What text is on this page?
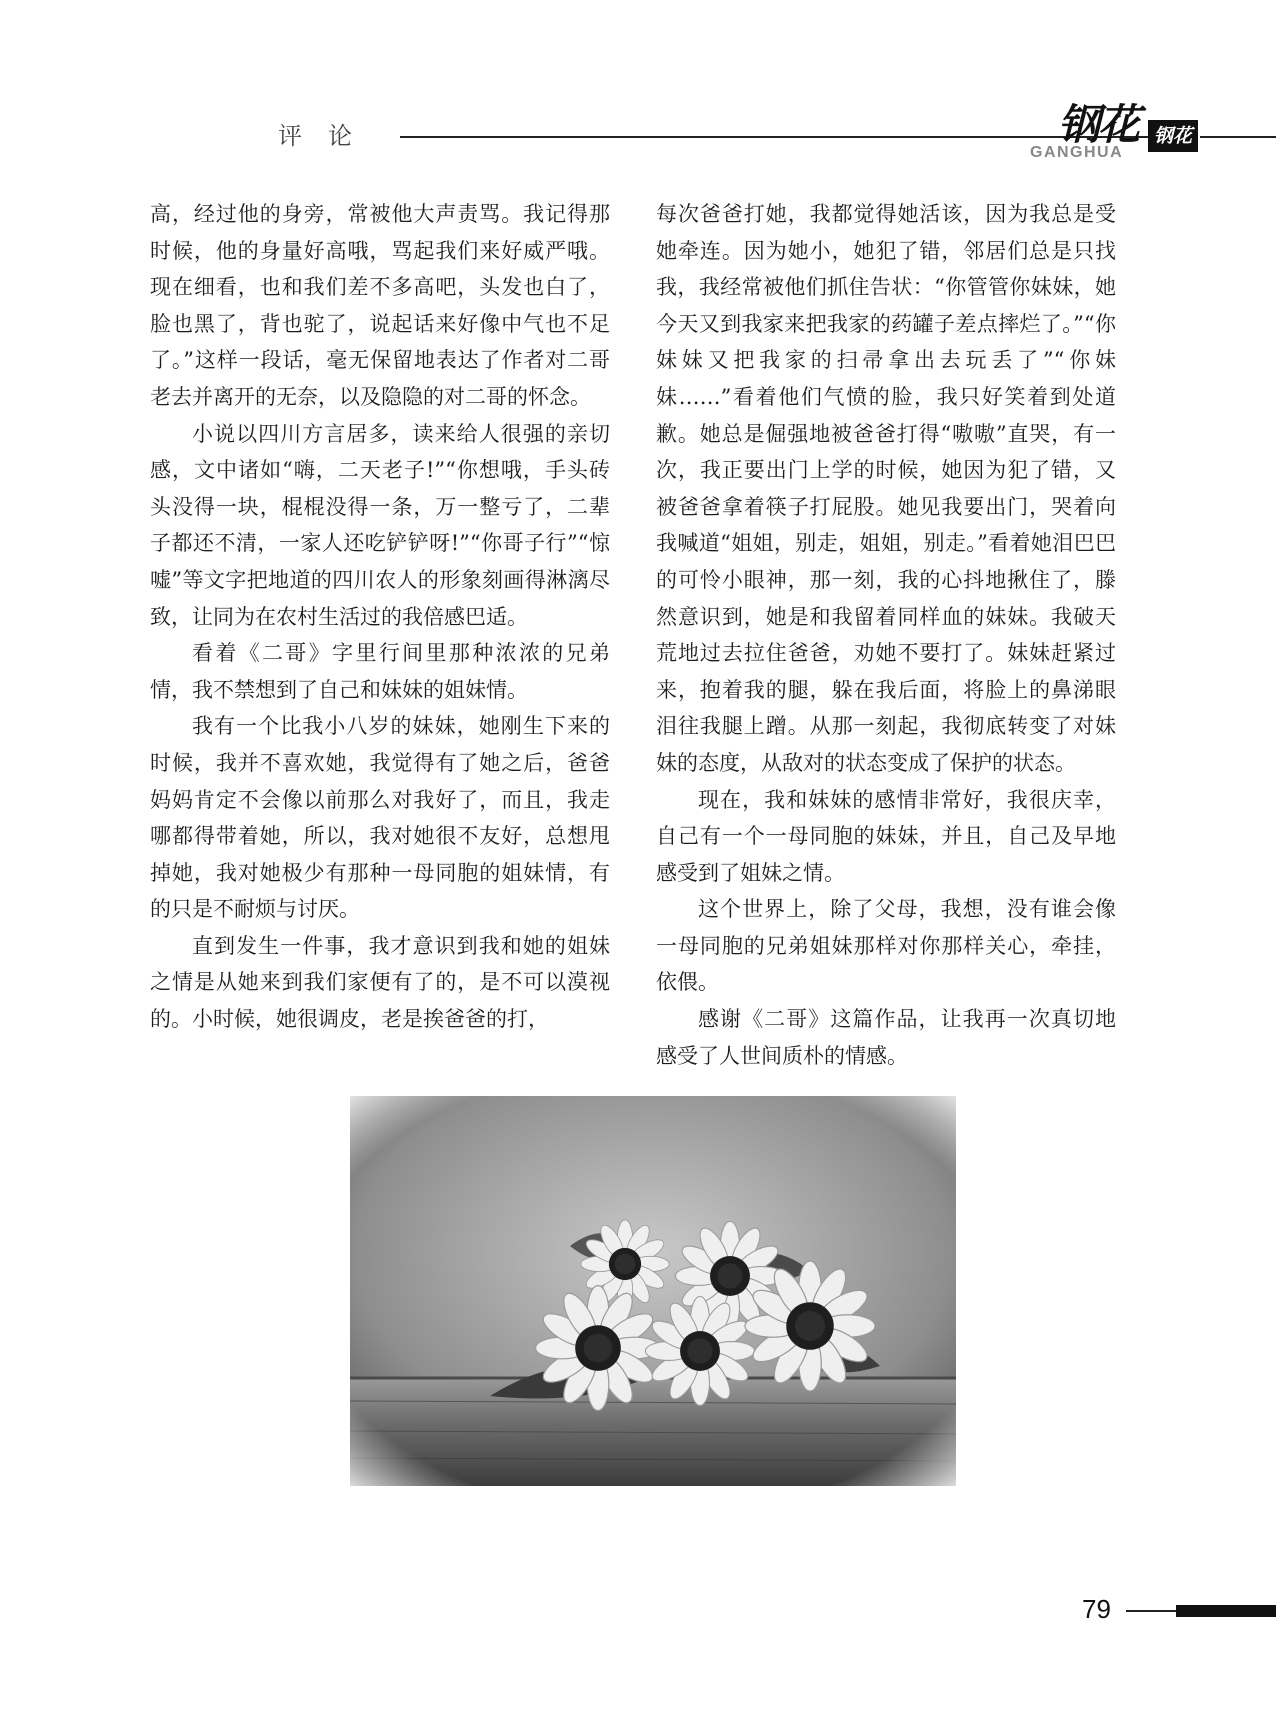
评论	钢花 钢花
GANGHUA

高，经过他的身旁，常被他大声责骂。我记得那时候，他的身量好高哦，骂起我们来好威严哦。现在细看，也和我们差不多高吧，头发也白了，脸也黑了，背也驼了，说起话来好像中气也不足了。”这样一段话，毫无保留地表达了作者对二哥老去并离开的无奈，以及隐隐的对二哥的怀念。

小说以四川方言居多，读来给人很强的亲切感，文中诸如“嗨，二天老子!”“你想哦，手头砖头没得一块，棍棍没得一条，万一整亏了，二辈子都还不清，一家人还吃铲铲呀!”“你哥子行”“惊嘘”等文字把地道的四川农人的形象刻画得淋漓尽致，让同为在农村生活过的我倍感巴适。

看着《二哥》字里行间里那种浓浓的兄弟情，我不禁想到了自己和妹妹的姐妹情。

我有一个比我小八岁的妹妹，她刚生下来的时候，我并不喜欢她，我觉得有了她之后，爸爸妈妈肯定不会像以前那么对我好了，而且，我走哪都得带着她，所以，我对她很不友好，总想甩掉她，我对她极少有那种一母同胞的姐妹情，有的只是不耐烦与讨厌。

直到发生一件事，我才意识到我和她的姐妹之情是从她来到我们家便有了的，是不可以漠视的。小时候，她很调皮，老是挨爸爸的打，

每次爸爸打她，我都觉得她活该，因为我总是受她牵连。因为她小，她犯了错，邻居们总是只找我，我经常被他们抓住告状：“你管管你妹妹，她今天又到我家来把我家的药罐子差点摔烂了。”“你妹妹又把我家的扫帚拿出去玩丢了”“你妹妹……”看着他们气愤的脸，我只好笑着到处道歉。她总是倔强地被爸爸打得“嗷嗷”直哭，有一次，我正要出门上学的时候，她因为犯了错，又被爸爸拿着筷子打屁股。她见我要出门，哭着向我喊道“姐姐，别走，姐姐，别走。”看着她泪巴巴的可怜小眼神，那一刻，我的心抖地揪住了，滕然意识到，她是和我留着同样血的妹妹。我破天荒地过去拉住爸爸，劝她不要打了。妹妹赶紧过来，抱着我的腿，躲在我后面，将脸上的鼻涕眼泪往我腿上蹭。从那一刻起，我彻底转变了对妹妹的态度，从敌对的状态变成了保护的状态。

现在，我和妹妹的感情非常好，我很庆幸，自己有一个一母同胞的妹妹，并且，自己及早地感受到了姐妹之情。

这个世界上，除了父母，我想，没有谁会像一母同胞的兄弟姐妹那样对你那样关心，牵挂，依偎。

感谢《二哥》这篇作品，让我再一次真切地感受了人世间质朴的情感。

79
